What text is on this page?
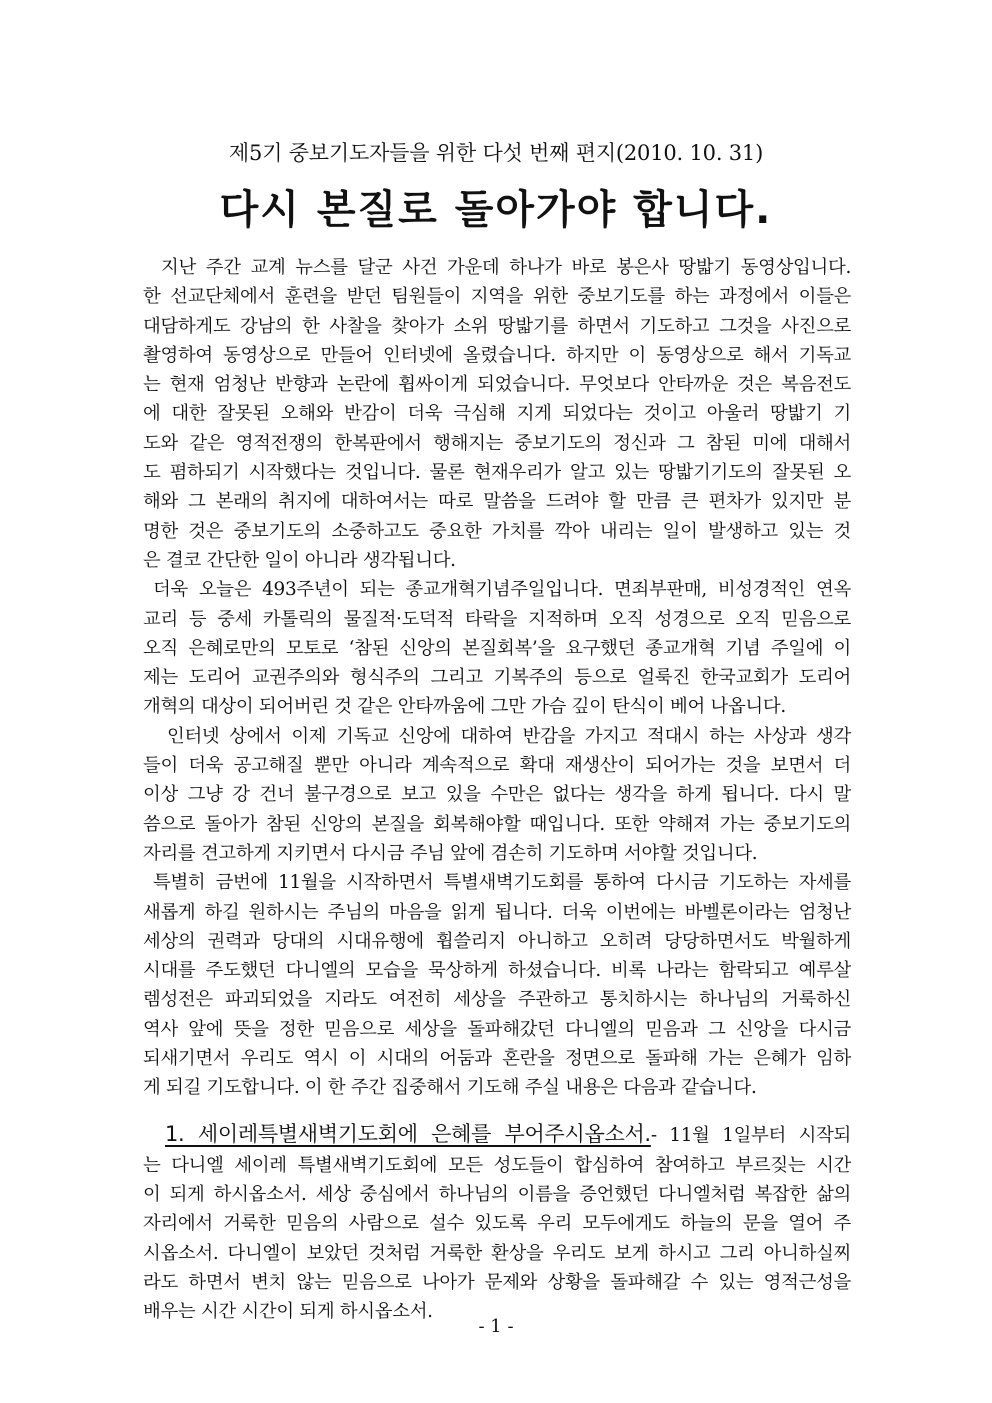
제5기 중보기도자들을 위한 다섯 번째 편지(2010. 10. 31)
다시 본질로 돌아가야 합니다.
지난 주간 교계 뉴스를 달군 사건 가운데 하나가 바로 봉은사 땅밟기 동영상입니다.
한 선교단체에서 훈련을 받던 팀원들이 지역을 위한 중보기도를 하는 과정에서 이들은
대담하게도 강남의 한 사찰을 찾아가 소위 땅밟기를 하면서 기도하고 그것을 사진으로
촬영하여 동영상으로 만들어 인터넷에 올렸습니다. 하지만 이 동영상으로 해서 기독교
는 현재 엄청난 반향과 논란에 휩싸이게 되었습니다. 무엇보다 안타까운 것은 복음전도
에 대한 잘못된 오해와 반감이 더욱 극심해 지게 되었다는 것이고 아울러 땅밟기 기
도와 같은 영적전쟁의 한복판에서 행해지는 중보기도의 정신과 그 참된 미에 대해서
도 폄하되기 시작했다는 것입니다. 물론 현재우리가 알고 있는 땅밟기기도의 잘못된 오
해와 그 본래의 취지에 대하여서는 따로 말씀을 드려야 할 만큼 큰 편차가 있지만 분
명한 것은 중보기도의 소중하고도 중요한 가치를 깍아 내리는 일이 발생하고 있는 것
은 결코 간단한 일이 아니라 생각됩니다.
더욱 오늘은 493주년이 되는 종교개혁기념주일입니다. 면죄부판매, 비성경적인 연옥
교리 등 중세 카톨릭의 물질적·도덕적 타락을 지적하며 오직 성경으로 오직 믿음으로
오직 은혜로만의 모토로 ‘참된 신앙의 본질회복’을 요구했던 종교개혁 기념 주일에 이
제는 도리어 교권주의와 형식주의 그리고 기복주의 등으로 얼룩진 한국교회가 도리어
개혁의 대상이 되어버린 것 같은 안타까움에 그만 가슴 깊이 탄식이 베어 나옵니다.
인터넷 상에서 이제 기독교 신앙에 대하여 반감을 가지고 적대시 하는 사상과 생각
들이 더욱 공고해질 뿐만 아니라 계속적으로 확대 재생산이 되어가는 것을 보면서 더
이상 그냥 강 건너 불구경으로 보고 있을 수만은 없다는 생각을 하게 됩니다. 다시 말
씀으로 돌아가 참된 신앙의 본질을 회복해야할 때입니다. 또한 약해져 가는 중보기도의
자리를 견고하게 지키면서 다시금 주님 앞에 겸손히 기도하며 서야할 것입니다.
특별히 금번에 11월을 시작하면서 특별새벽기도회를 통하여 다시금 기도하는 자세를
새롭게 하길 원하시는 주님의 마음을 읽게 됩니다. 더욱 이번에는 바벨론이라는 엄청난
세상의 권력과 당대의 시대유행에 휩쓸리지 아니하고 오히려 당당하면서도 박월하게
시대를 주도했던 다니엘의 모습을 묵상하게 하셨습니다. 비록 나라는 함락되고 예루살
렘성전은 파괴되었을 지라도 여전히 세상을 주관하고 통치하시는 하나님의 거룩하신
역사 앞에 뜻을 정한 믿음으로 세상을 돌파해갔던 다니엘의 믿음과 그 신앙을 다시금
되새기면서 우리도 역시 이 시대의 어둠과 혼란을 정면으로 돌파해 가는 은혜가 임하
게 되길 기도합니다. 이 한 주간 집중해서 기도해 주실 내용은 다음과 같습니다.
1. 세이레특별새벽기도회에 은혜를 부어주시옵소서.- 11월 1일부터 시작되
는 다니엘 세이레 특별새벽기도회에 모든 성도들이 합심하여 참여하고 부르짖는 시간
이 되게 하시옵소서. 세상 중심에서 하나님의 이름을 증언했던 다니엘처럼 복잡한 삶의
자리에서 거룩한 믿음의 사람으로 설수 있도록 우리 모두에게도 하늘의 문을 열어 주
시옵소서. 다니엘이 보았던 것처럼 거룩한 환상을 우리도 보게 하시고 그리 아니하실찌
라도 하면서 변치 않는 믿음으로 나아가 문제와 상황을 돌파해갈 수 있는 영적근성을
배우는 시간 시간이 되게 하시옵소서.
- 1 -
